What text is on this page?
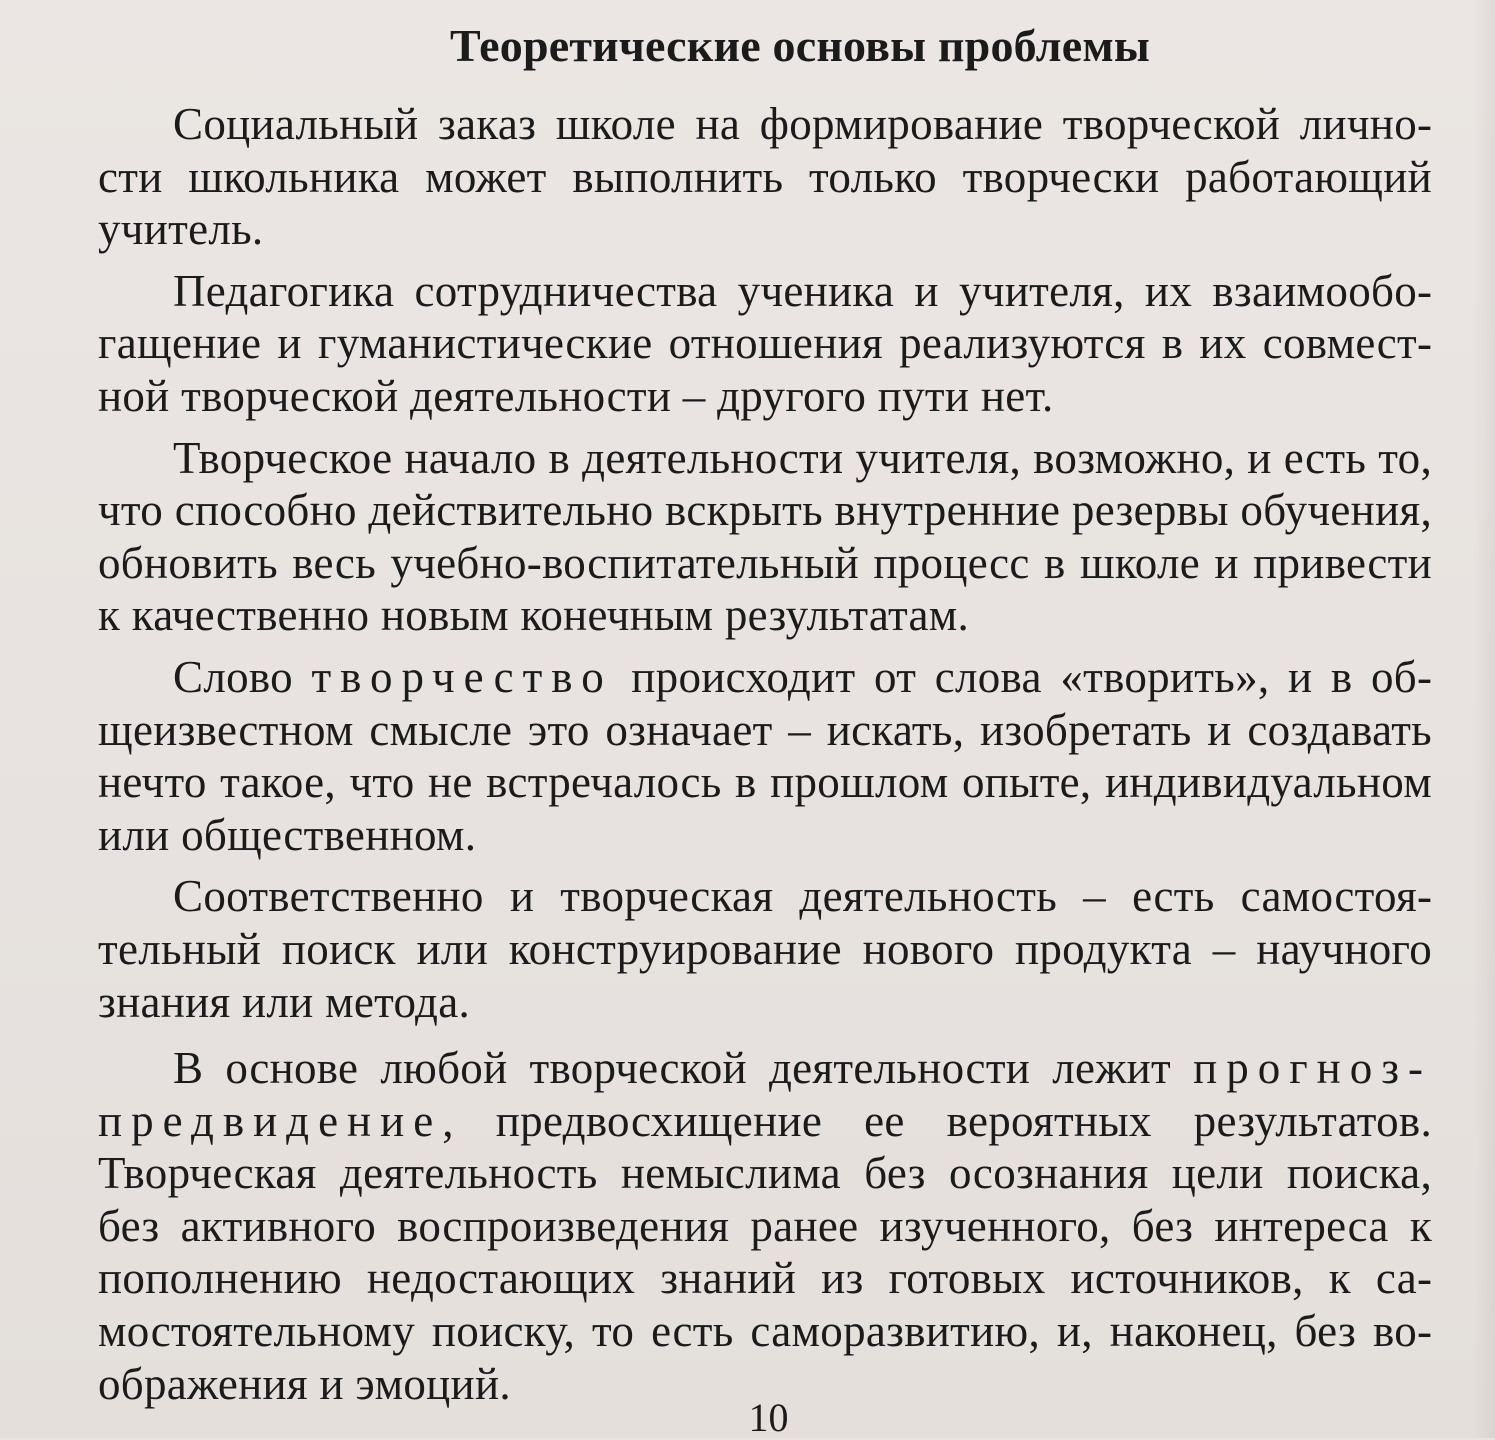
Теоретические основы проблемы

Социальный заказ школе на формирование творческой личности школьника может выполнить только творчески работающий учитель.

Педагогика сотрудничества ученика и учителя, их взаимообогащение и гуманистические отношения реализуются в их совместной творческой деятельности – другого пути нет.

Творческое начало в деятельности учителя, возможно, и есть то, что способно действительно вскрыть внутренние резервы обучения, обновить весь учебно-воспитательный процесс в школе и привести к качественно новым конечным результатам.

Слово творчество происходит от слова «творить», и в общеизвестном смысле это означает – искать, изобретать и создавать нечто такое, что не встречалось в прошлом опыте, индивидуальном или общественном.

Соответственно и творческая деятельность – есть самостоятельный поиск или конструирование нового продукта – научного знания или метода.

В основе любой творческой деятельности лежит прогноз-предвидение, предвосхищение ее вероятных результатов. Творческая деятельность немыслима без осознания цели поиска, без активного воспроизведения ранее изученного, без интереса к пополнению недостающих знаний из готовых источников, к самостоятельному поиску, то есть саморазвитию, и, наконец, без воображения и эмоций.

10
